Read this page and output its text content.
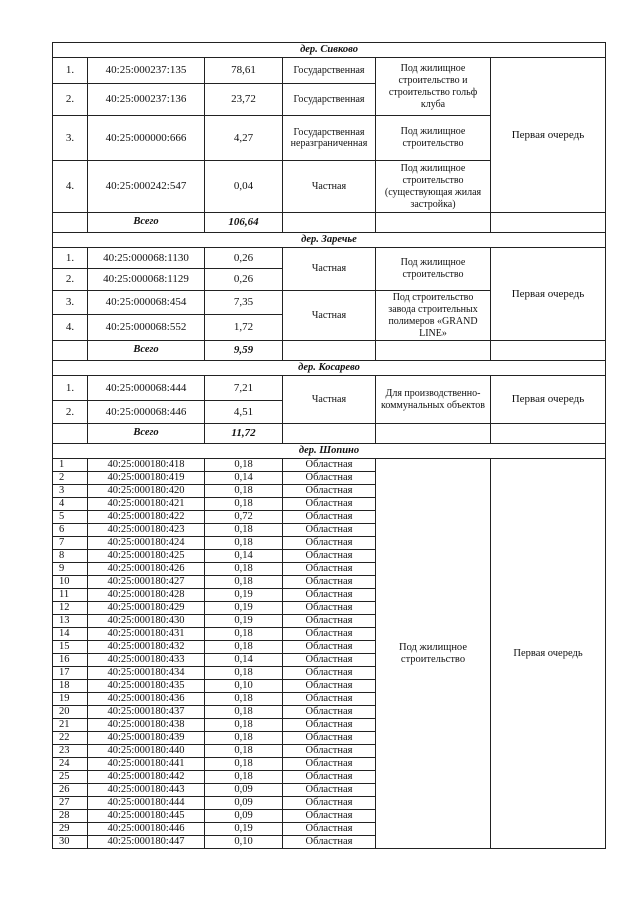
дер. Сивково					
1.	40:25:000237:135	78,61	Государственная	Под жилищное строительство и строительство гольф клуба	Первая очередь
2.	40:25:000237:136	23,72	Государственная		
3.	40:25:000000:666	4,27	Государственная неразграниченная	Под жилищное строительство	
4.	40:25:000242:547	0,04	Частная	Под жилищное строительство (существующая жилая застройка)	
	Всего	106,64			
дер. Заречье					
1.	40:25:000068:1130	0,26	Частная	Под жилищное строительство	Первая очередь
2.	40:25:000068:1129	0,26			
3.	40:25:000068:454	7,35	Частная	Под строительство завода строительных полимеров «GRAND LINE»	
4.	40:25:000068:552	1,72			
	Всего	9,59			
дер. Косарево					
1.	40:25:000068:444	7,21	Частная	Для производственно-коммунальных объектов	Первая очередь
2.	40:25:000068:446	4,51			
	Всего	11,72			
дер. Шопино					
1	40:25:000180:418	0,18	Областная	Под жилищное строительство	Первая очередь
2	40:25:000180:419	0,14	Областная		
3	40:25:000180:420	0,18	Областная		
4	40:25:000180:421	0,18	Областная		
5	40:25:000180:422	0,72	Областная		
6	40:25:000180:423	0,18	Областная		
7	40:25:000180:424	0,18	Областная		
8	40:25:000180:425	0,14	Областная		
9	40:25:000180:426	0,18	Областная		
10	40:25:000180:427	0,18	Областная		
11	40:25:000180:428	0,19	Областная		
12	40:25:000180:429	0,19	Областная		
13	40:25:000180:430	0,19	Областная		
14	40:25:000180:431	0,18	Областная		
15	40:25:000180:432	0,18	Областная		
16	40:25:000180:433	0,14	Областная		
17	40:25:000180:434	0,18	Областная		
18	40:25:000180:435	0,10	Областная		
19	40:25:000180:436	0,18	Областная		
20	40:25:000180:437	0,18	Областная		
21	40:25:000180:438	0,18	Областная		
22	40:25:000180:439	0,18	Областная		
23	40:25:000180:440	0,18	Областная		
24	40:25:000180:441	0,18	Областная		
25	40:25:000180:442	0,18	Областная		
26	40:25:000180:443	0,09	Областная		
27	40:25:000180:444	0,09	Областная		
28	40:25:000180:445	0,09	Областная		
29	40:25:000180:446	0,19	Областная		
30	40:25:000180:447	0,10	Областная		
